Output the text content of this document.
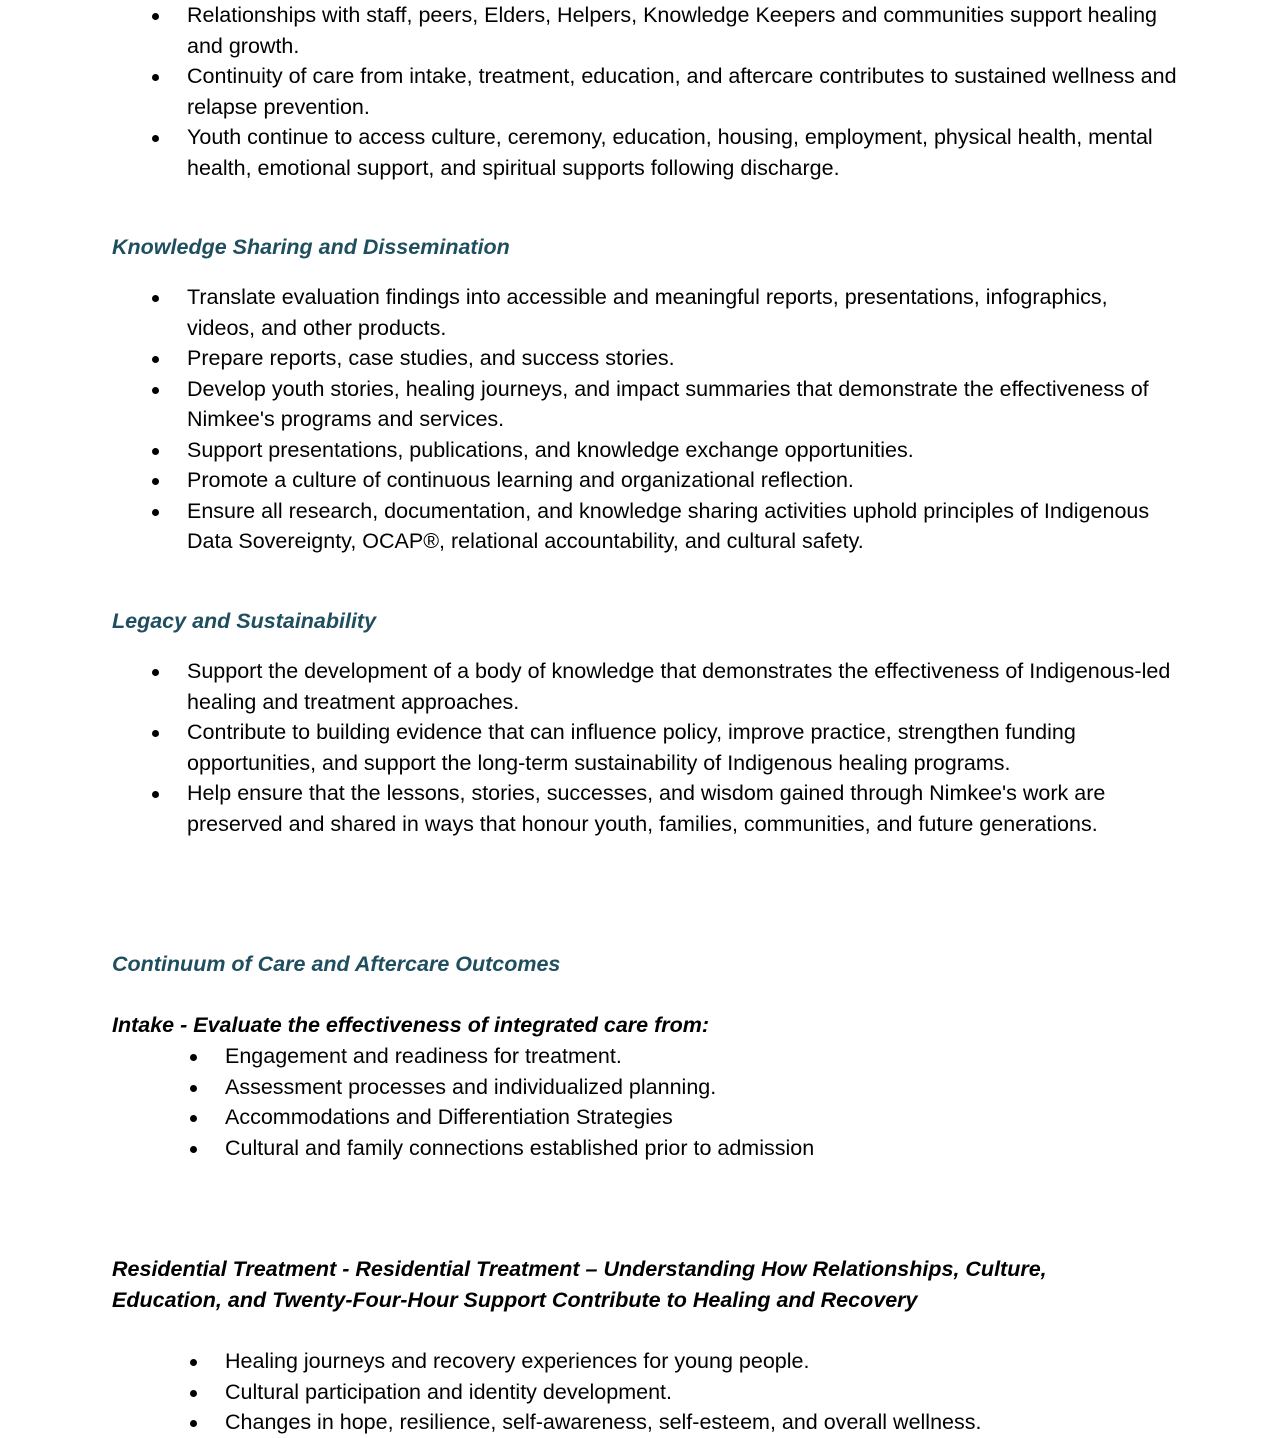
Relationships with staff, peers, Elders, Helpers, Knowledge Keepers and communities support healing and growth.
Continuity of care from intake, treatment, education, and aftercare contributes to sustained wellness and relapse prevention.
Youth continue to access culture, ceremony, education, housing, employment, physical health, mental health, emotional support, and spiritual supports following discharge.
Knowledge Sharing and Dissemination
Translate evaluation findings into accessible and meaningful reports, presentations, infographics, videos, and other products.
Prepare reports, case studies, and success stories.
Develop youth stories, healing journeys, and impact summaries that demonstrate the effectiveness of Nimkee's programs and services.
Support presentations, publications, and knowledge exchange opportunities.
Promote a culture of continuous learning and organizational reflection.
Ensure all research, documentation, and knowledge sharing activities uphold principles of Indigenous Data Sovereignty, OCAP®, relational accountability, and cultural safety.
Legacy and Sustainability
Support the development of a body of knowledge that demonstrates the effectiveness of Indigenous-led healing and treatment approaches.
Contribute to building evidence that can influence policy, improve practice, strengthen funding opportunities, and support the long-term sustainability of Indigenous healing programs.
Help ensure that the lessons, stories, successes, and wisdom gained through Nimkee's work are preserved and shared in ways that honour youth, families, communities, and future generations.
Continuum of Care and Aftercare Outcomes

Intake - Evaluate the effectiveness of integrated care from:

Engagement and readiness for treatment.
Assessment processes and individualized planning.
Accommodations and Differentiation Strategies
Cultural and family connections established prior to admission

Residential Treatment - Residential Treatment – Understanding How Relationships, Culture, Education, and Twenty-Four-Hour Support Contribute to Healing and Recovery

Healing journeys and recovery experiences for young people.
Cultural participation and identity development.
Changes in hope, resilience, self-awareness, self-esteem, and overall wellness.
